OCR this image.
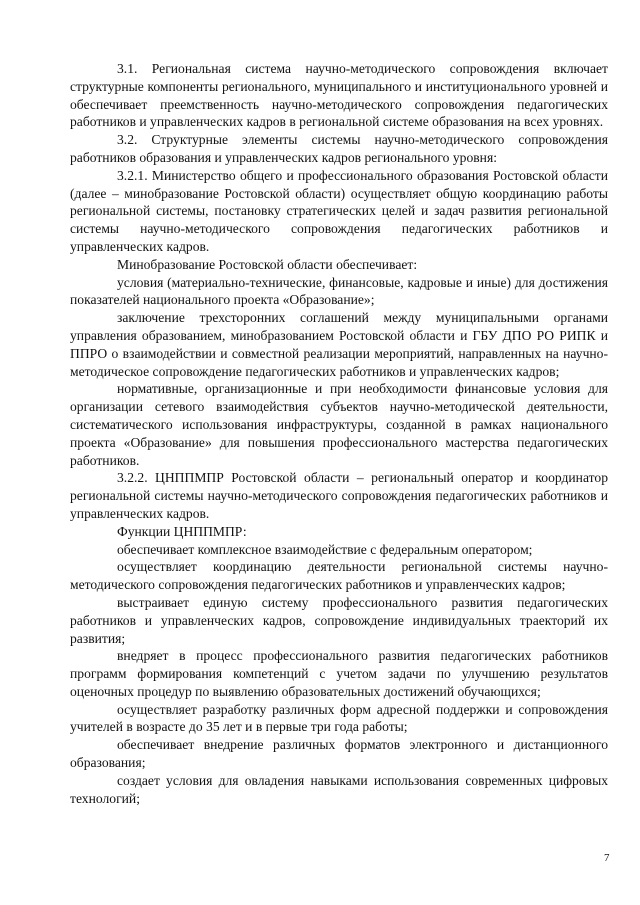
3.1. Региональная система научно-методического сопровождения включает структурные компоненты регионального, муниципального и институционального уровней и обеспечивает преемственность научно-методического сопровождения педагогических работников и управленческих кадров в региональной системе образования на всех уровнях.

3.2. Структурные элементы системы научно-методического сопровождения работников образования и управленческих кадров регионального уровня:

3.2.1. Министерство общего и профессионального образования Ростовской области (далее – минобразование Ростовской области) осуществляет общую координацию работы региональной системы, постановку стратегических целей и задач развития региональной системы научно-методического сопровождения педагогических работников и управленческих кадров.

Минобразование Ростовской области обеспечивает:

условия (материально-технические, финансовые, кадровые и иные) для достижения показателей национального проекта «Образование»;

заключение трехсторонних соглашений между муниципальными органами управления образованием, минобразованием Ростовской области и ГБУ ДПО РО РИПК и ППРО о взаимодействии и совместной реализации мероприятий, направленных на научно-методическое сопровождение педагогических работников и управленческих кадров;

нормативные, организационные и при необходимости финансовые условия для организации сетевого взаимодействия субъектов научно-методической деятельности, систематического использования инфраструктуры, созданной в рамках национального проекта «Образование» для повышения профессионального мастерства педагогических работников.

3.2.2. ЦНППМПР Ростовской области – региональный оператор и координатор региональной системы научно-методического сопровождения педагогических работников и управленческих кадров.

Функции ЦНППМПР:

обеспечивает комплексное взаимодействие с федеральным оператором;

осуществляет координацию деятельности региональной системы научно-методического сопровождения педагогических работников и управленческих кадров;

выстраивает единую систему профессионального развития педагогических работников и управленческих кадров, сопровождение индивидуальных траекторий их развития;

внедряет в процесс профессионального развития педагогических работников программ формирования компетенций с учетом задачи по улучшению результатов оценочных процедур по выявлению образовательных достижений обучающихся;

осуществляет разработку различных форм адресной поддержки и сопровождения учителей в возрасте до 35 лет и в первые три года работы;

обеспечивает внедрение различных форматов электронного и дистанционного образования;

создает условия для овладения навыками использования современных цифровых технологий;

7
